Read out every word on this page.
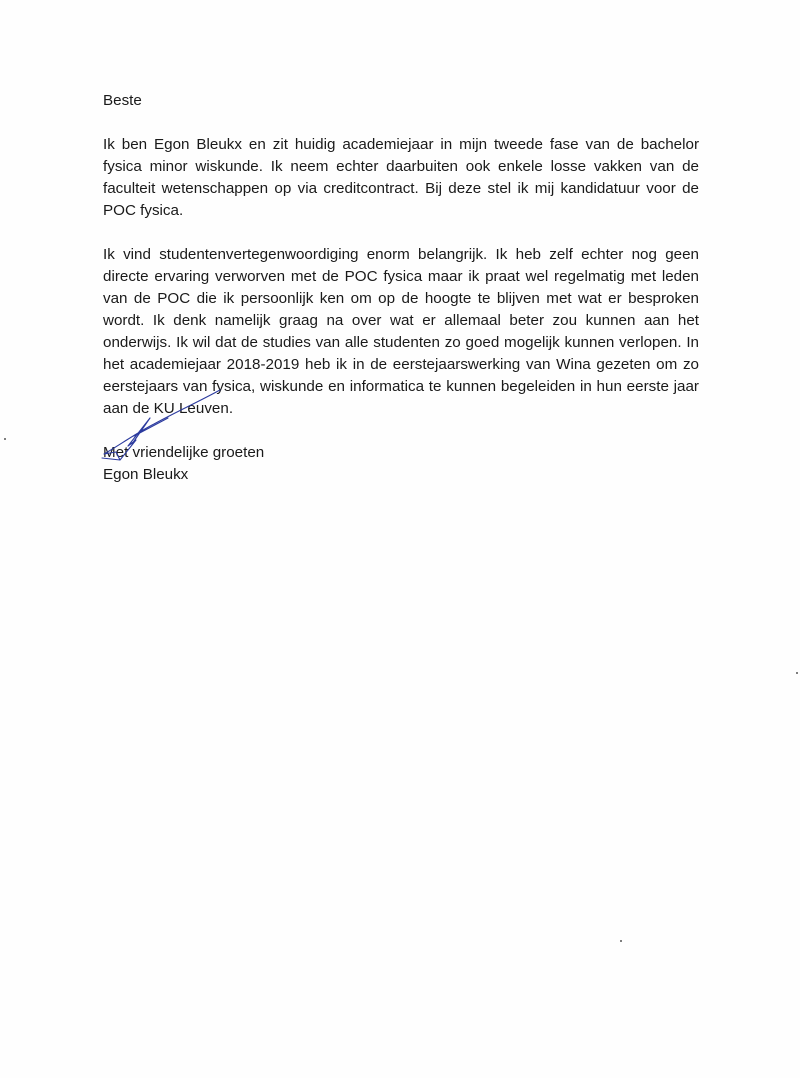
Beste

Ik ben Egon Bleukx en zit huidig academiejaar in mijn tweede fase van de bachelor fysica minor wiskunde. Ik neem echter daarbuiten ook enkele losse vakken van de faculteit wetenschappen op via creditcontract. Bij deze stel ik mij kandidatuur voor de POC fysica.

Ik vind studentenvertegenwoordiging enorm belangrijk. Ik heb zelf echter nog geen directe ervaring verworven met de POC fysica maar ik praat wel regelmatig met leden van de POC die ik persoonlijk ken om op de hoogte te blijven met wat er besproken wordt. Ik denk namelijk graag na over wat er allemaal beter zou kunnen aan het onderwijs. Ik wil dat de studies van alle studenten zo goed mogelijk kunnen verlopen. In het academiejaar 2018-2019 heb ik in de eerstejaarswerking van Wina gezeten om zo eerstejaars van fysica, wiskunde en informatica te kunnen begeleiden in hun eerste jaar aan de KU Leuven.

Met vriendelijke groeten
Egon Bleukx
